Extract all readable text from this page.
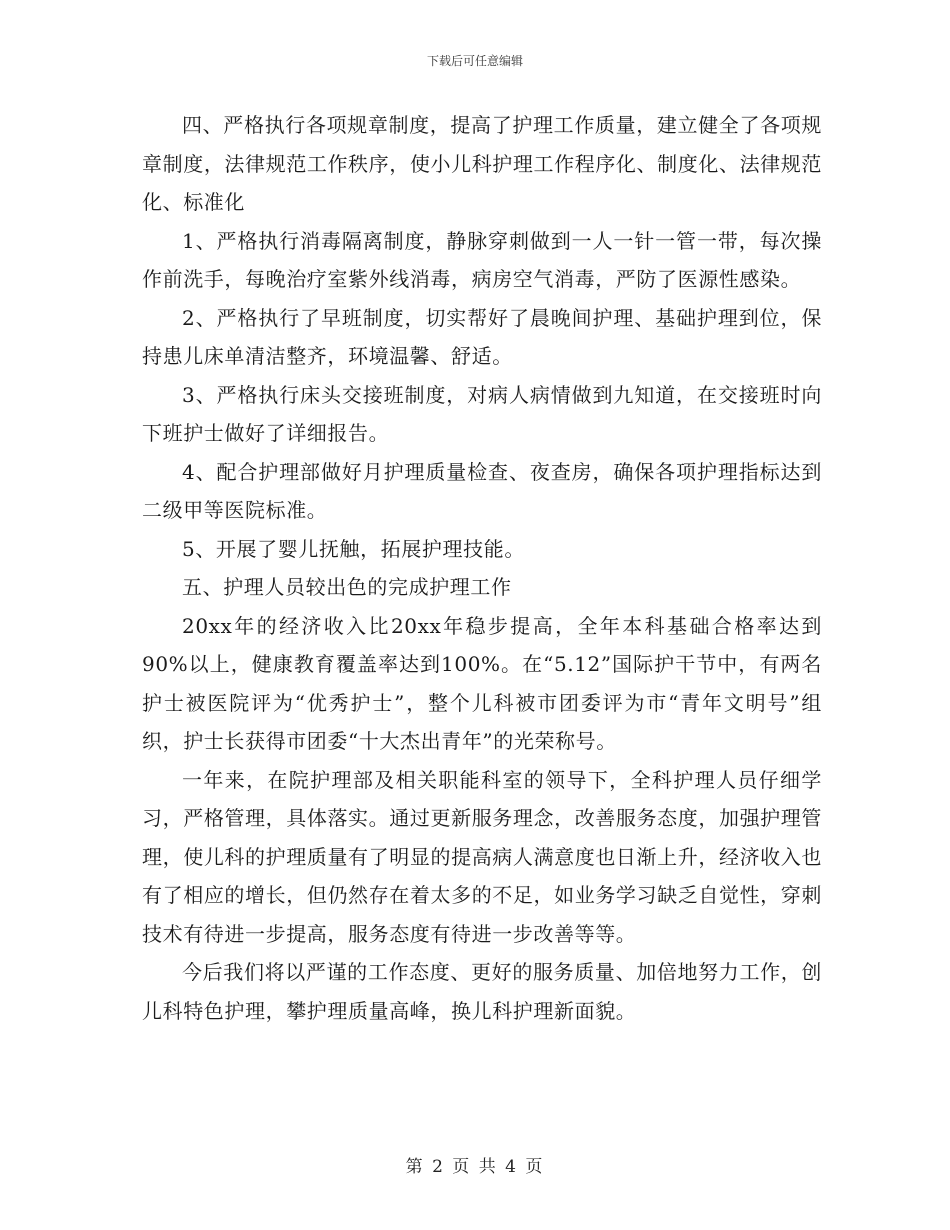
下载后可任意编辑

四、严格执行各项规章制度，提高了护理工作质量，建立健全了各项规章制度，法律规范工作秩序，使小儿科护理工作程序化、制度化、法律规范化、标准化

1、严格执行消毒隔离制度，静脉穿刺做到一人一针一管一带，每次操作前洗手，每晚治疗室紫外线消毒，病房空气消毒，严防了医源性感染。

2、严格执行了早班制度，切实帮好了晨晚间护理、基础护理到位，保持患儿床单清洁整齐，环境温馨、舒适。

3、严格执行床头交接班制度，对病人病情做到九知道，在交接班时向下班护士做好了详细报告。

4、配合护理部做好月护理质量检查、夜查房，确保各项护理指标达到二级甲等医院标准。

5、开展了婴儿抚触，拓展护理技能。

五、护理人员较出色的完成护理工作

20xx年的经济收入比20xx年稳步提高，全年本科基础合格率达到90%以上，健康教育覆盖率达到100%。在“5.12”国际护干节中，有两名护士被医院评为“优秀护士”，整个儿科被市团委评为市“青年文明号”组织，护士长获得市团委“十大杰出青年”的光荣称号。

一年来，在院护理部及相关职能科室的领导下，全科护理人员仔细学习，严格管理，具体落实。通过更新服务理念，改善服务态度，加强护理管理，使儿科的护理质量有了明显的提高病人满意度也日渐上升，经济收入也有了相应的增长，但仍然存在着太多的不足，如业务学习缺乏自觉性，穿刺技术有待进一步提高，服务态度有待进一步改善等等。

今后我们将以严谨的工作态度、更好的服务质量、加倍地努力工作，创儿科特色护理，攀护理质量高峰，换儿科护理新面貌。

第 2 页 共 4 页
